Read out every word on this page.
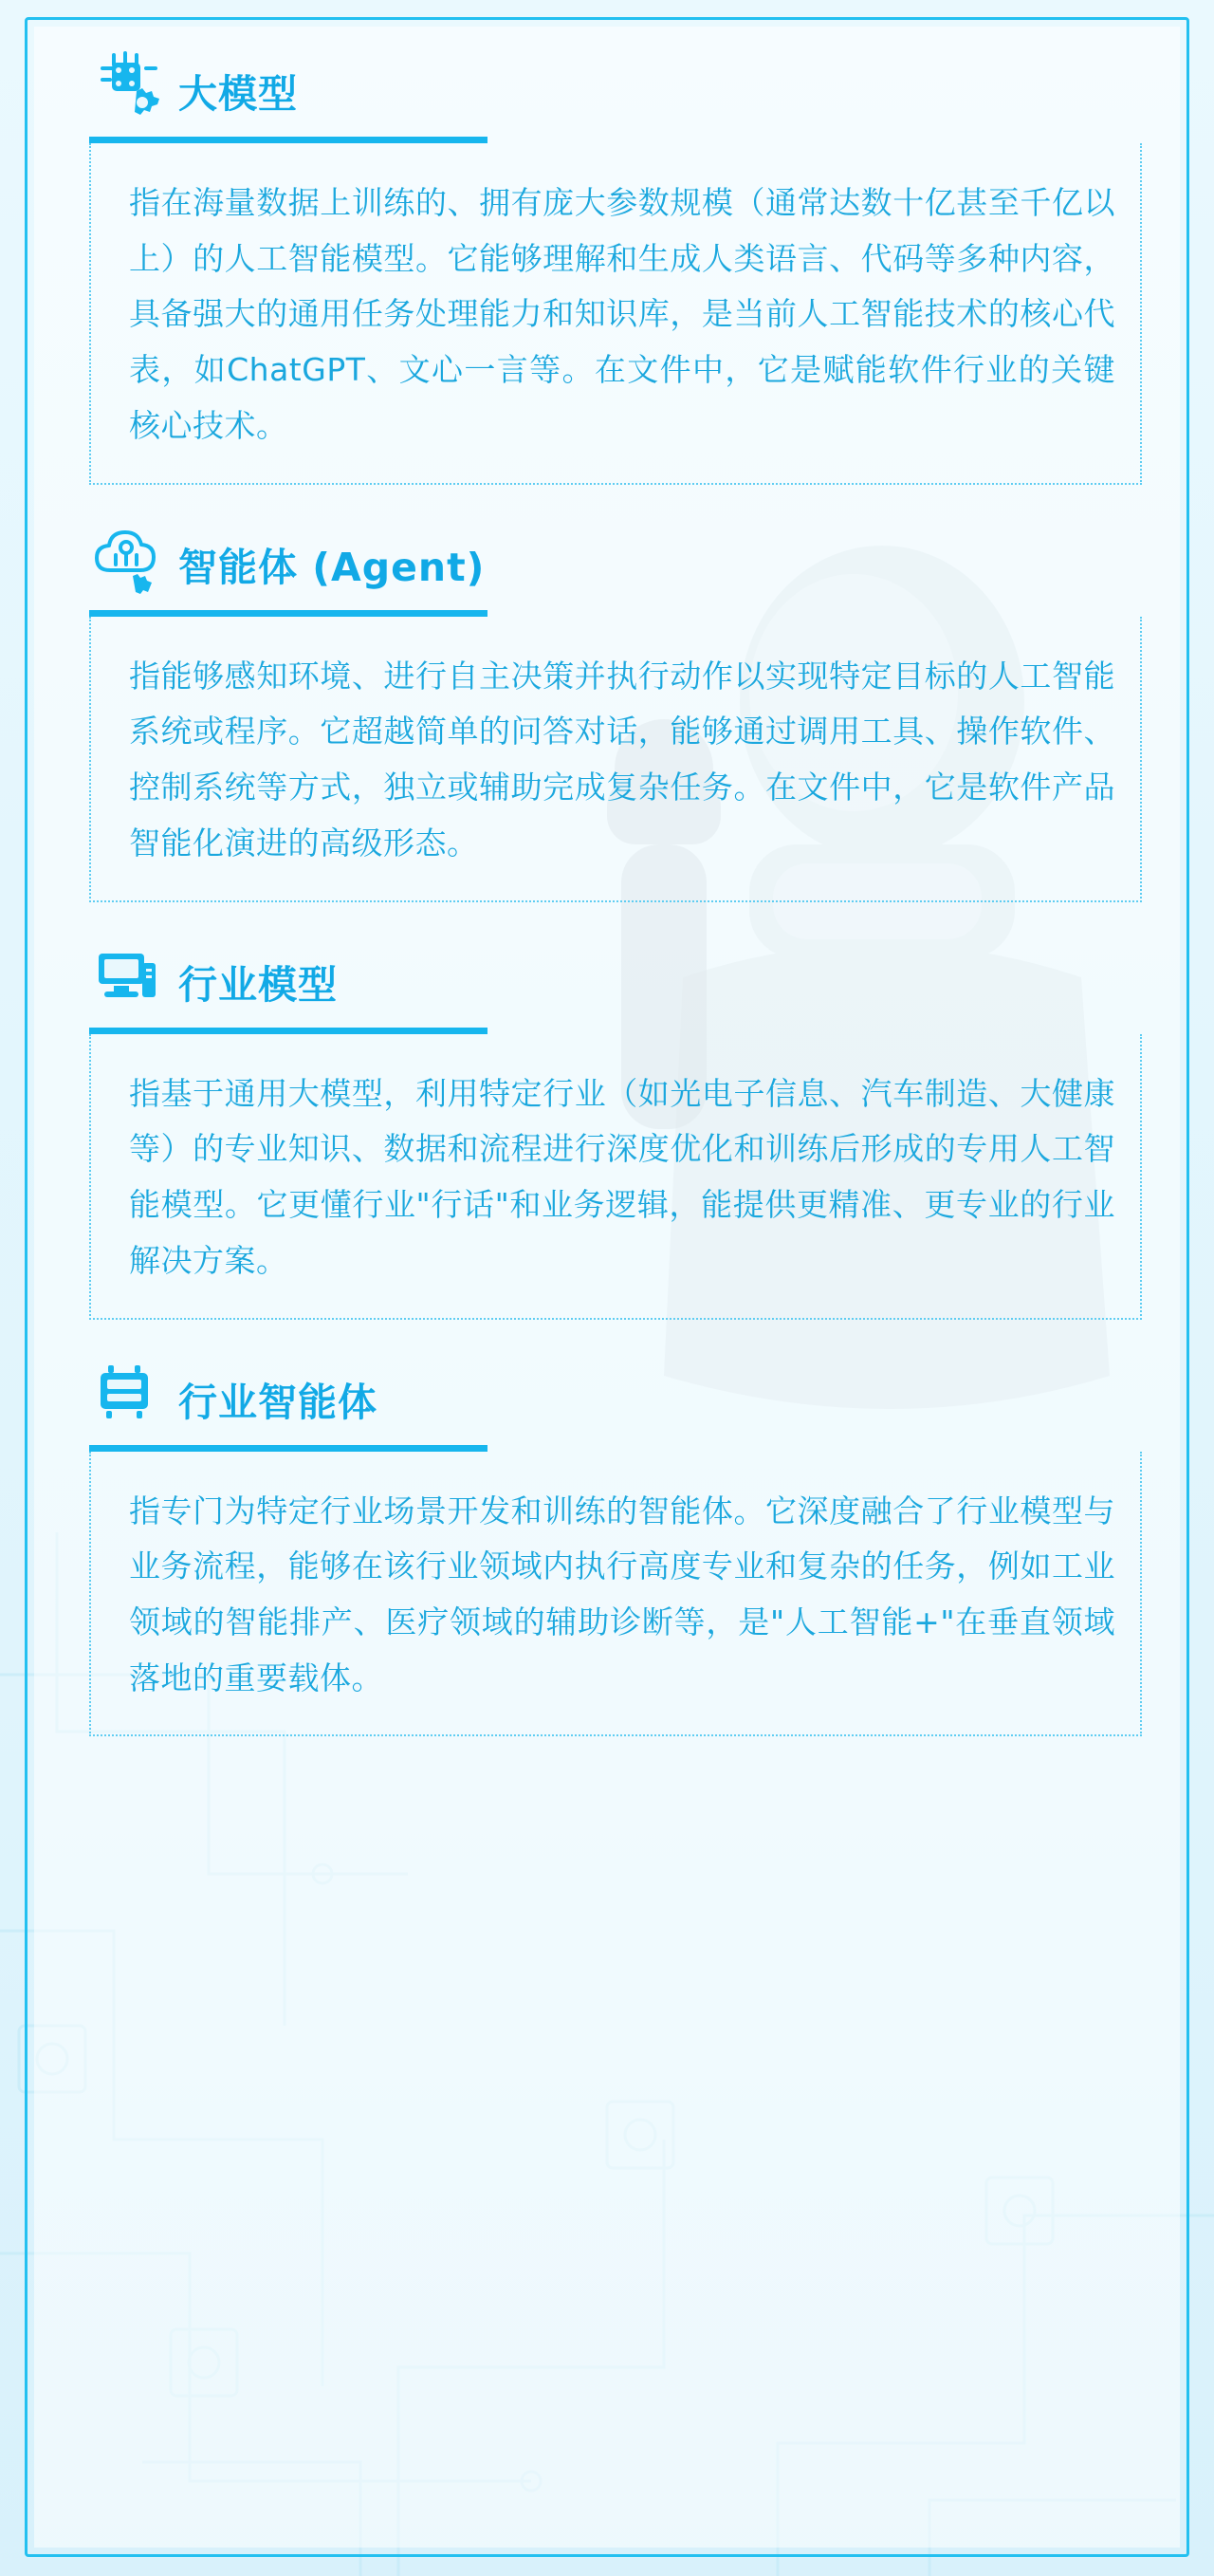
大模型

指在海量数据上训练的、拥有庞大参数规模（通常达数十亿甚至千亿以上）的人工智能模型。它能够理解和生成人类语言、代码等多种内容，具备强大的通用任务处理能力和知识库，是当前人工智能技术的核心代表，如ChatGPT、文心一言等。在文件中，它是赋能软件行业的关键核心技术。

智能体 (Agent)

指能够感知环境、进行自主决策并执行动作以实现特定目标的人工智能系统或程序。它超越简单的问答对话，能够通过调用工具、操作软件、控制系统等方式，独立或辅助完成复杂任务。在文件中，它是软件产品智能化演进的高级形态。

行业模型

指基于通用大模型，利用特定行业（如光电子信息、汽车制造、大健康等）的专业知识、数据和流程进行深度优化和训练后形成的专用人工智能模型。它更懂行业"行话"和业务逻辑，能提供更精准、更专业的行业解决方案。

行业智能体

指专门为特定行业场景开发和训练的智能体。它深度融合了行业模型与业务流程，能够在该行业领域内执行高度专业和复杂的任务，例如工业领域的智能排产、医疗领域的辅助诊断等，是"人工智能+"在垂直领域落地的重要载体。
